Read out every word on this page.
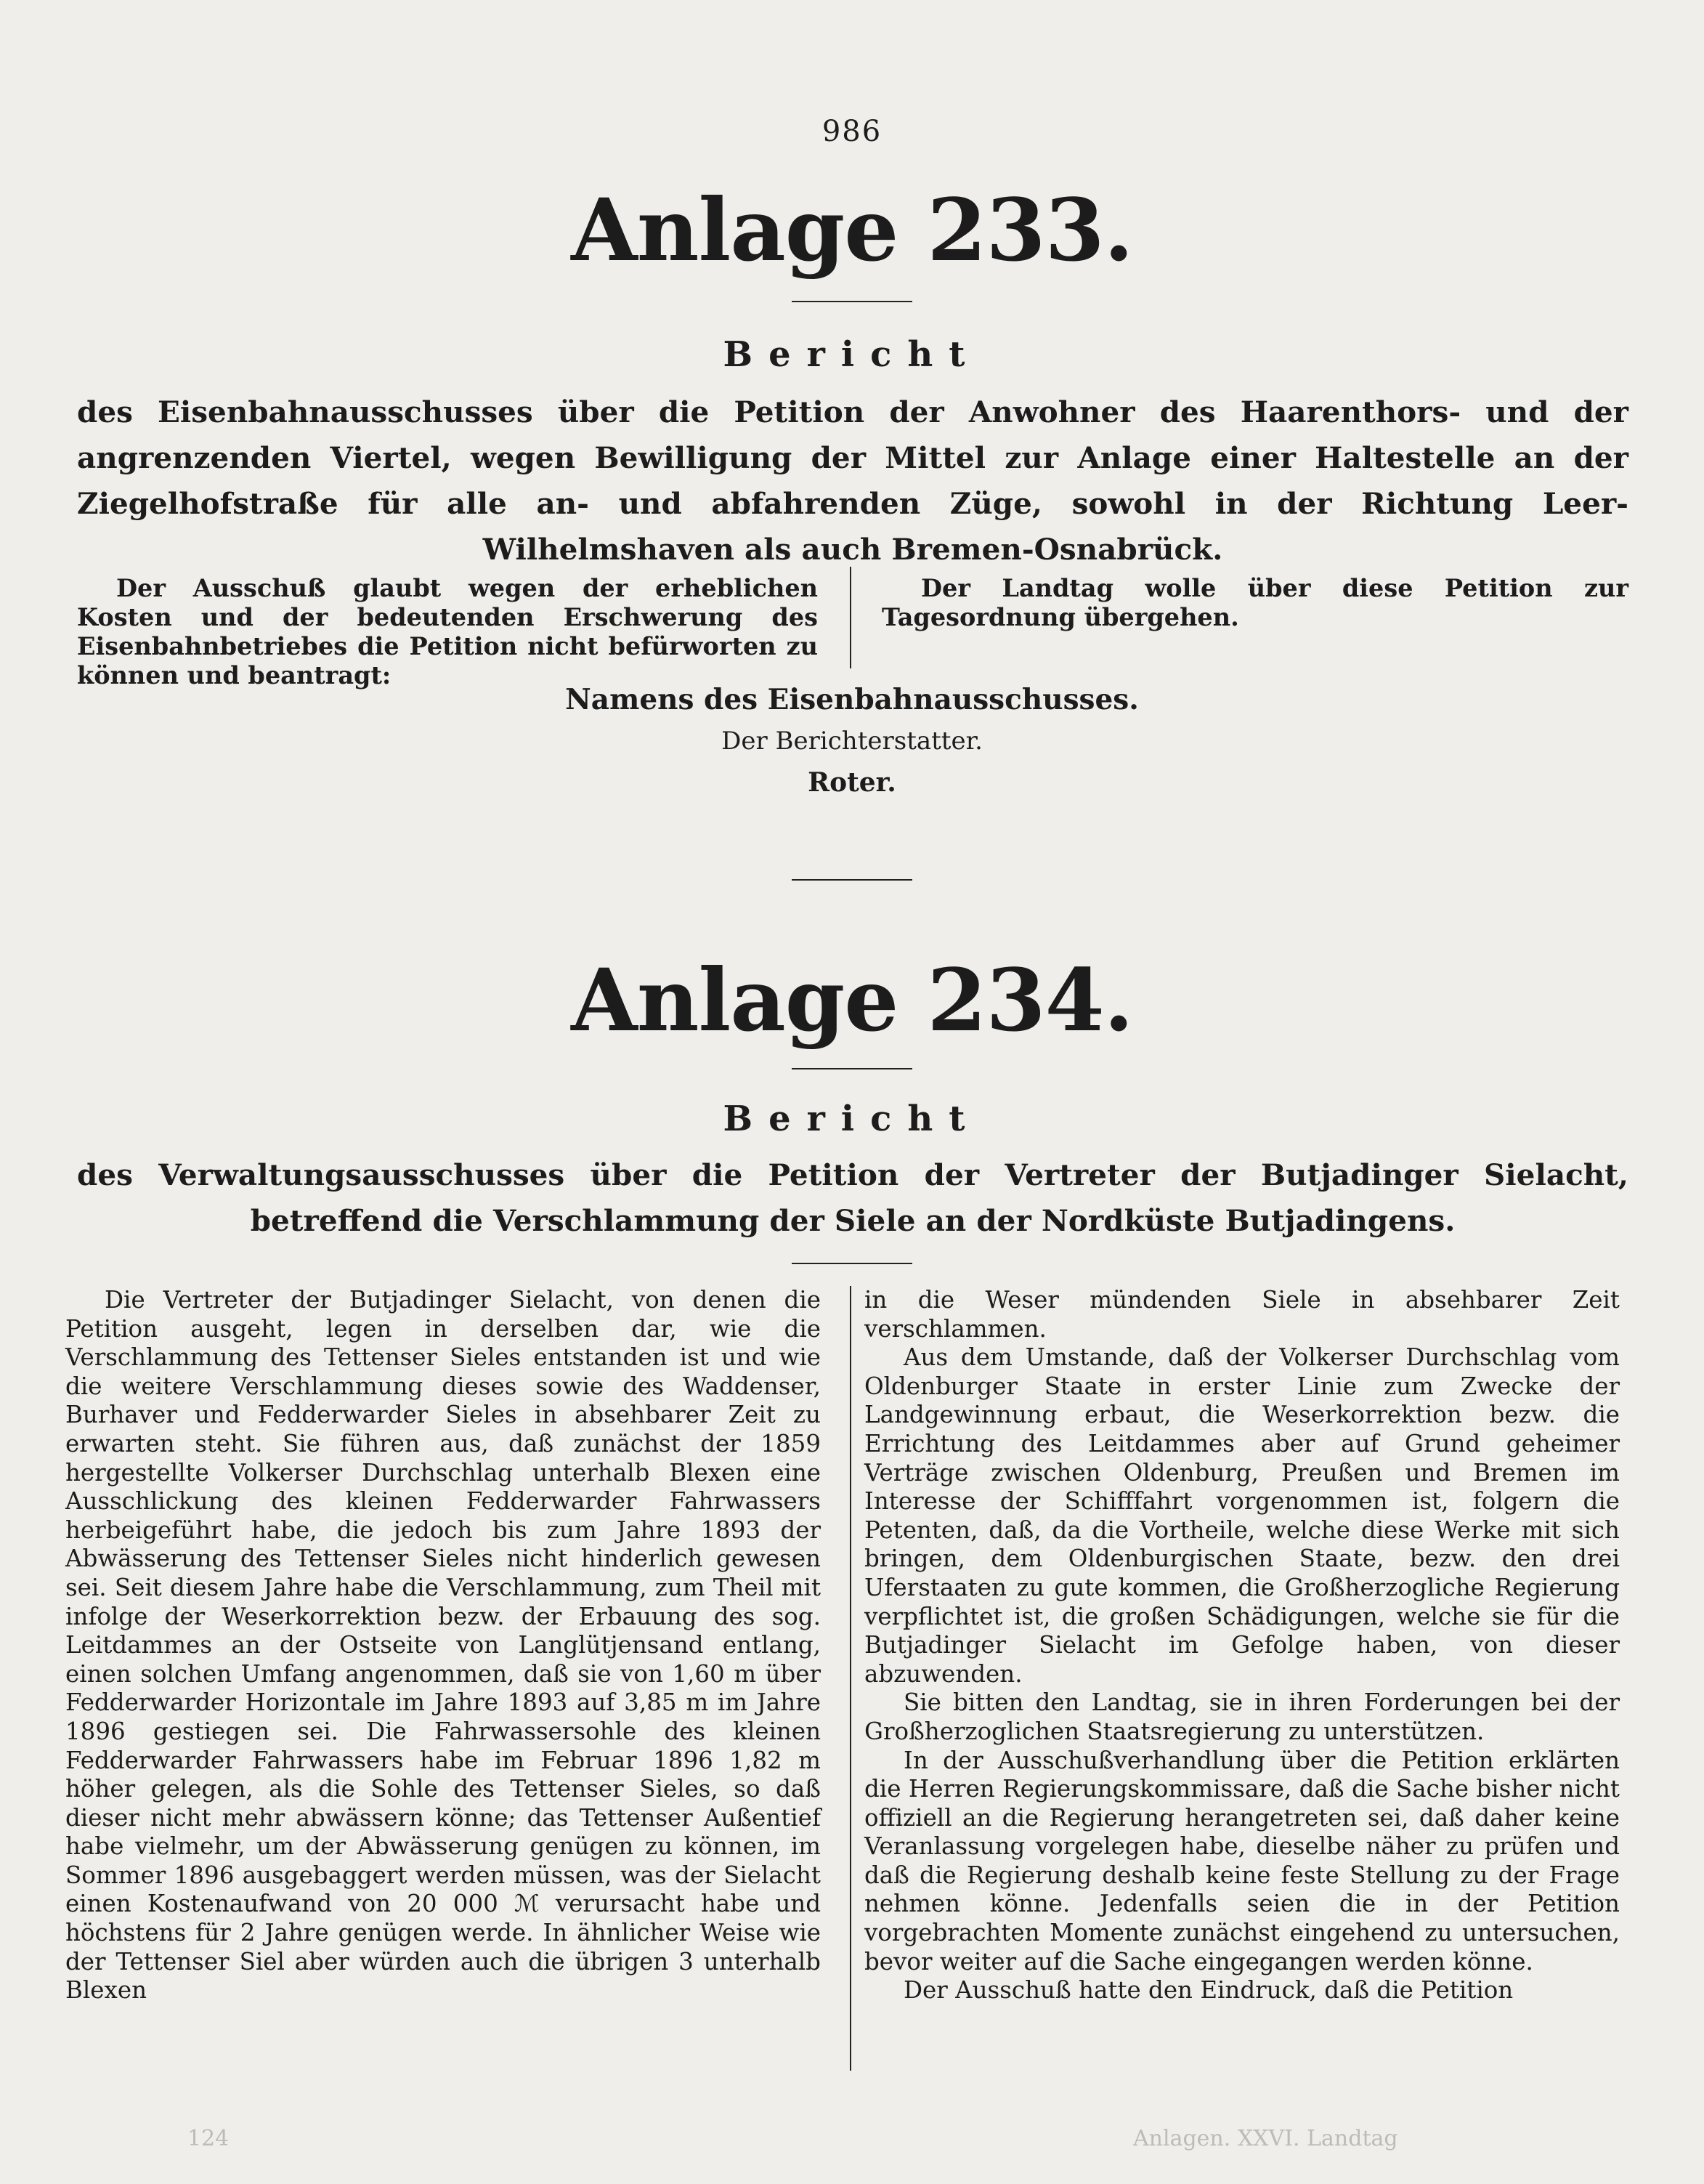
986
Anlage 233.
Bericht
des Eisenbahnausschusses über die Petition der Anwohner des Haarenthors- und der angrenzenden Viertel, wegen Bewilligung der Mittel zur Anlage einer Haltestelle an der Ziegelhofstraße für alle an- und abfahrenden Züge, sowohl in der Richtung Leer-Wilhelmshaven als auch Bremen-Osnabrück.

Der Ausschuß glaubt wegen der erheblichen Kosten und der bedeutenden Erschwerung des Eisenbahnbetriebes die Petition nicht befürworten zu können und beantragt:

Der Landtag wolle über diese Petition zur Tagesordnung übergehen.

Namens des Eisenbahnausschusses.
Der Berichterstatter.
Roter.
Anlage 234.
Bericht
des Verwaltungsausschusses über die Petition der Vertreter der Butjadinger Sielacht, betreffend die Verschlammung der Siele an der Nordküste Butjadingens.

Die Vertreter der Butjadinger Sielacht, von denen die Petition ausgeht, legen in derselben dar, wie die Verschlammung des Tettenser Sieles entstanden ist und wie die weitere Verschlammung dieses sowie des Waddenser, Burhaver und Fedderwarder Sieles in absehbarer Zeit zu erwarten steht. Sie führen aus, daß zunächst der 1859 hergestellte Volkerser Durchschlag unterhalb Blexen eine Ausschlickung des kleinen Fedderwarder Fahrwassers herbeigeführt habe, die jedoch bis zum Jahre 1893 der Abwässerung des Tettenser Sieles nicht hinderlich gewesen sei. Seit diesem Jahre habe die Verschlammung, zum Theil mit infolge der Weserkorrektion bezw. der Erbauung des sog. Leitdammes an der Ostseite von Langlütjensand entlang, einen solchen Umfang angenommen, daß sie von 1,60 m über Fedderwarder Horizontale im Jahre 1893 auf 3,85 m im Jahre 1896 gestiegen sei. Die Fahrwassersohle des kleinen Fedderwarder Fahrwassers habe im Februar 1896 1,82 m höher gelegen, als die Sohle des Tettenser Sieles, so daß dieser nicht mehr abwässern könne; das Tettenser Außentief habe vielmehr, um der Abwässerung genügen zu können, im Sommer 1896 ausgebaggert werden müssen, was der Sielacht einen Kostenaufwand von 20 000 ℳ verursacht habe und höchstens für 2 Jahre genügen werde. In ähnlicher Weise wie der Tettenser Siel aber würden auch die übrigen 3 unterhalb Blexen

in die Weser mündenden Siele in absehbarer Zeit verschlammen.

Aus dem Umstande, daß der Volkerser Durchschlag vom Oldenburger Staate in erster Linie zum Zwecke der Landgewinnung erbaut, die Weserkorrektion bezw. die Errichtung des Leitdammes aber auf Grund geheimer Verträge zwischen Oldenburg, Preußen und Bremen im Interesse der Schifffahrt vorgenommen ist, folgern die Petenten, daß, da die Vortheile, welche diese Werke mit sich bringen, dem Oldenburgischen Staate, bezw. den drei Uferstaaten zu gute kommen, die Großherzogliche Regierung verpflichtet ist, die großen Schädigungen, welche sie für die Butjadinger Sielacht im Gefolge haben, von dieser abzuwenden.

Sie bitten den Landtag, sie in ihren Forderungen bei der Großherzoglichen Staatsregierung zu unterstützen.

In der Ausschußverhandlung über die Petition erklärten die Herren Regierungskommissare, daß die Sache bisher nicht offiziell an die Regierung herangetreten sei, daß daher keine Veranlassung vorgelegen habe, dieselbe näher zu prüfen und daß die Regierung deshalb keine feste Stellung zu der Frage nehmen könne. Jedenfalls seien die in der Petition vorgebrachten Momente zunächst eingehend zu untersuchen, bevor weiter auf die Sache eingegangen werden könne.

Der Ausschuß hatte den Eindruck, daß die Petition

124	Anlagen. XXVI. Landtag
